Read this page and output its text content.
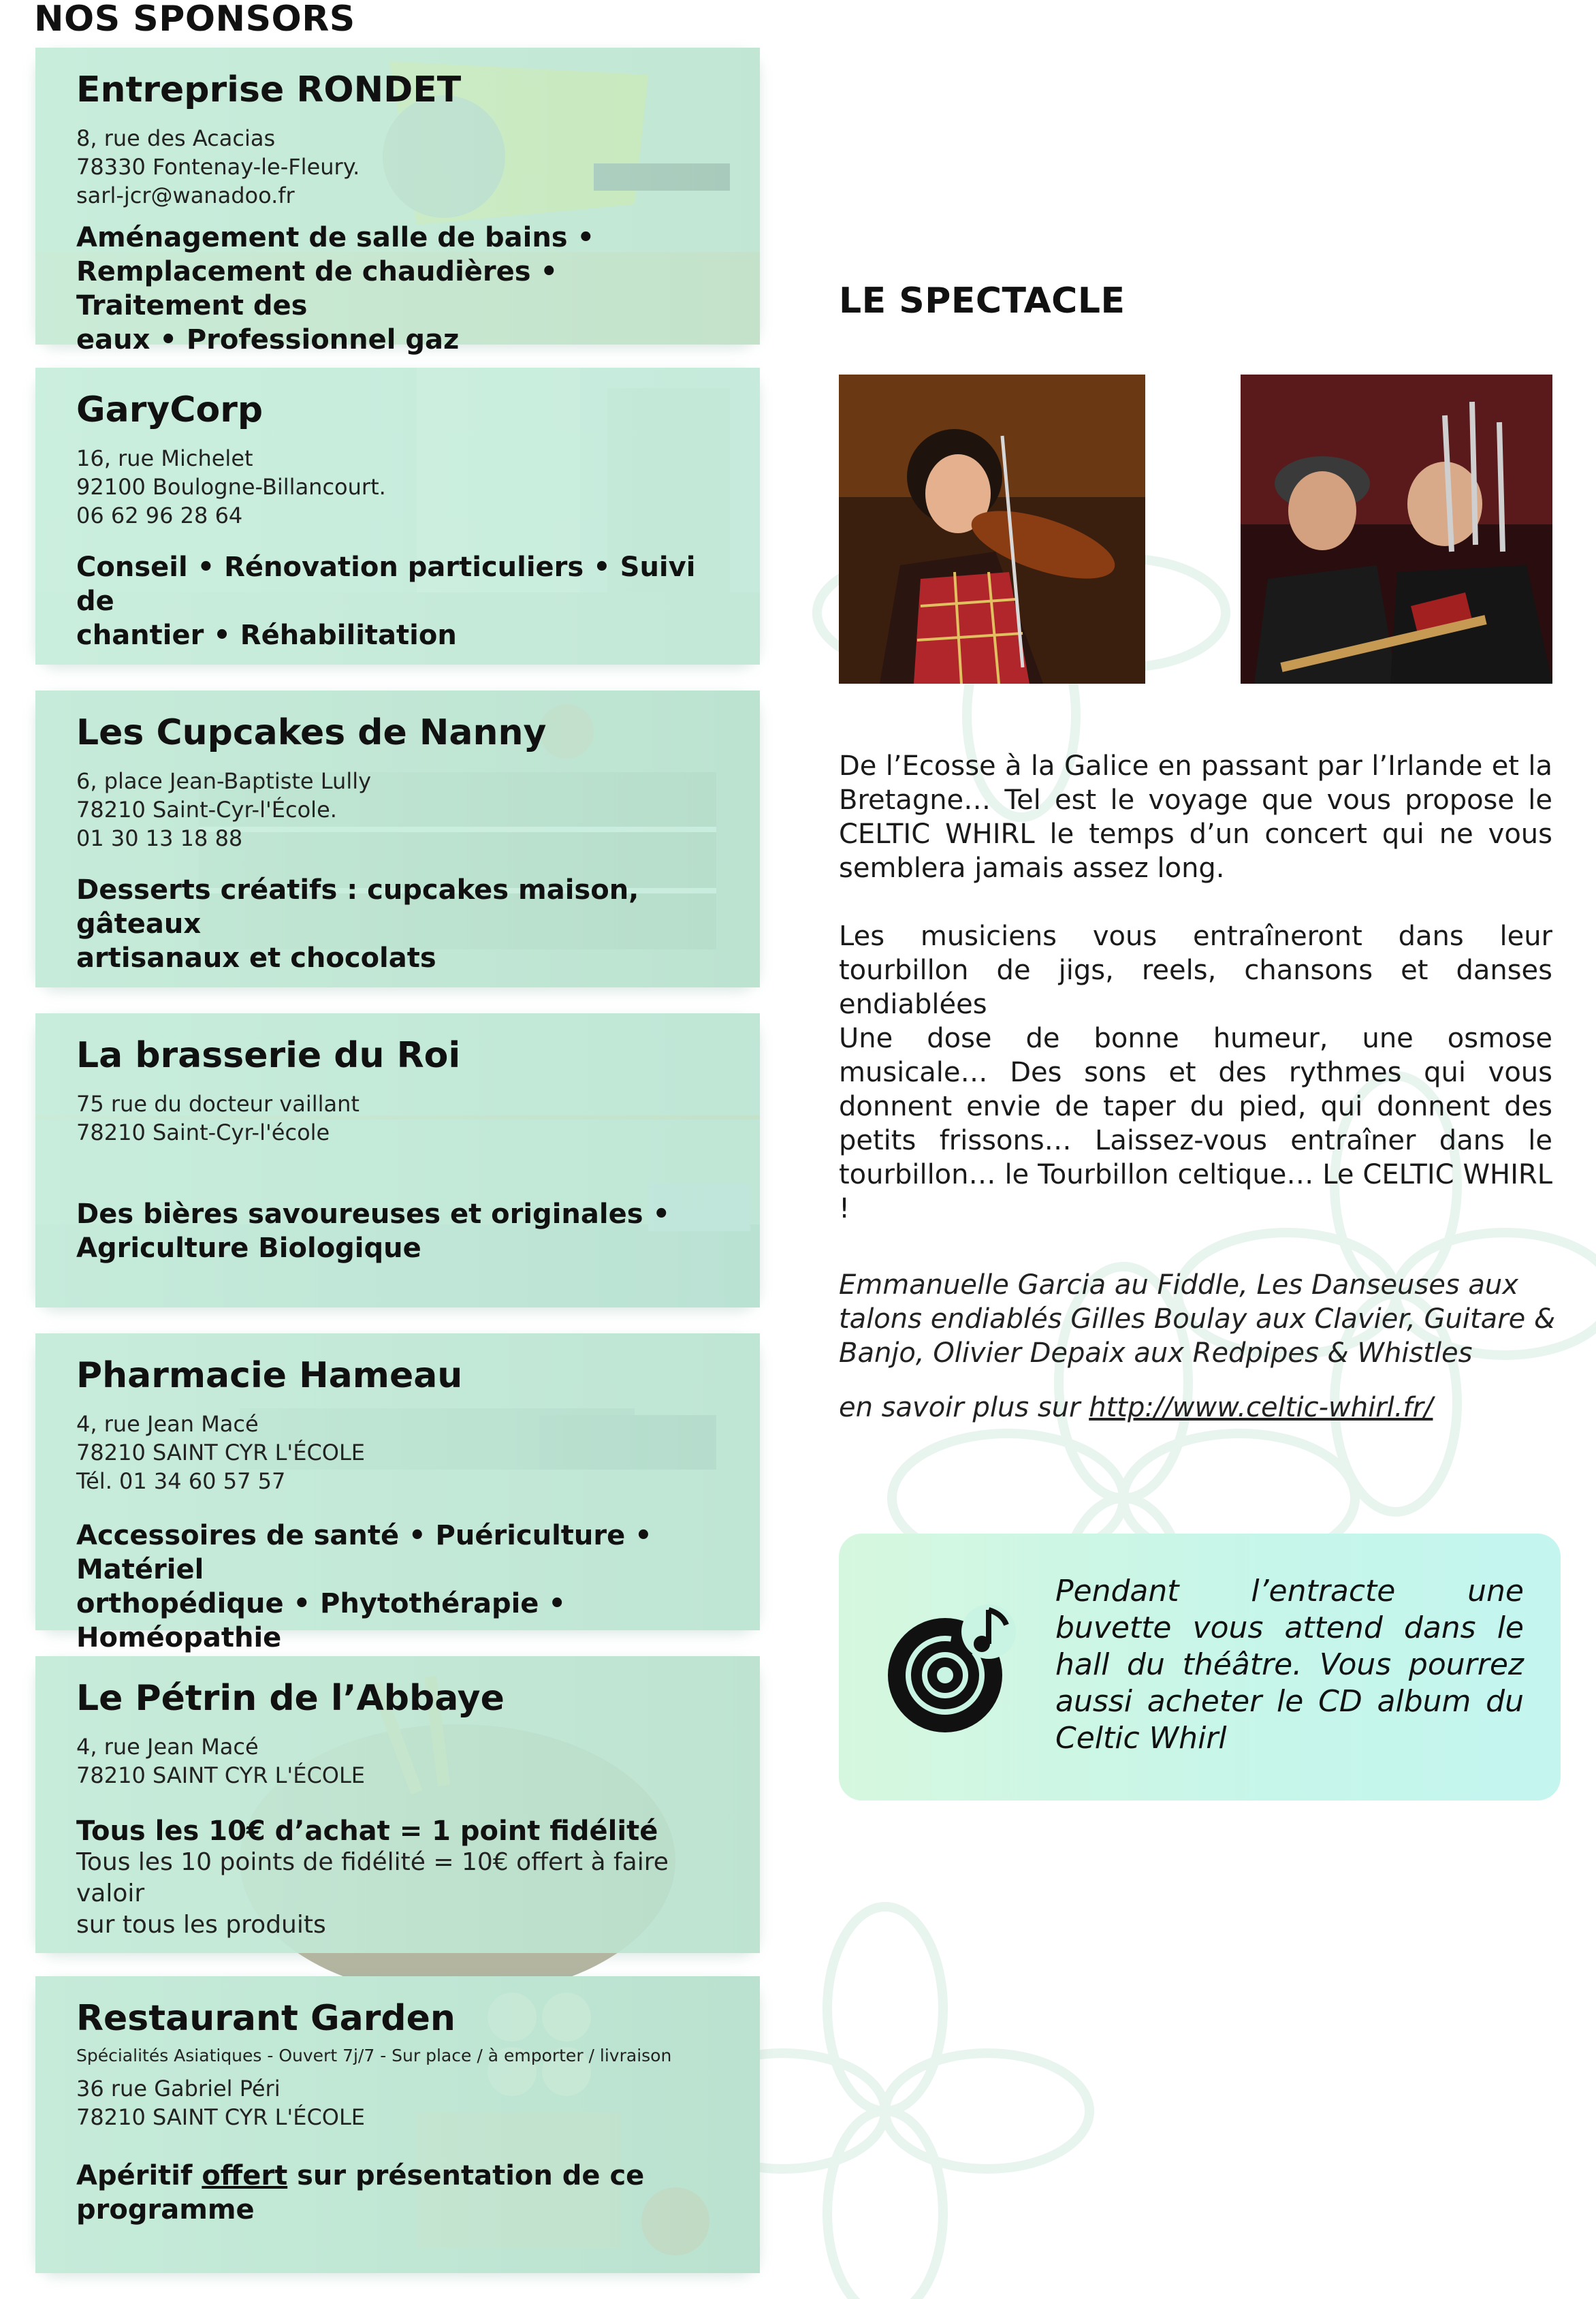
NOS SPONSORS
Entreprise RONDET
8, rue des Acacias
78330 Fontenay-le-Fleury.
sarl-jcr@wanadoo.fr
Aménagement de salle de bains •
Remplacement de chaudières • Traitement des
eaux • Professionnel gaz
GaryCorp
16, rue Michelet
92100 Boulogne-Billancourt.
06 62 96 28 64
Conseil • Rénovation particuliers • Suivi de
chantier • Réhabilitation
Les Cupcakes de Nanny
6, place Jean-Baptiste Lully
78210 Saint-Cyr-l'École.
01 30 13 18 88
Desserts créatifs : cupcakes maison, gâteaux
artisanaux et chocolats
La brasserie du Roi
75 rue du docteur vaillant
78210 Saint-Cyr-l'école
Des bières savoureuses et originales •
Agriculture Biologique
Pharmacie Hameau
4, rue Jean Macé
78210 SAINT CYR L'ÉCOLE
Tél. 01 34 60 57 57
Accessoires de santé • Puériculture • Matériel
orthopédique • Phytothérapie • Homéopathie
Le Pétrin de l’Abbaye
4, rue Jean Macé
78210 SAINT CYR L'ÉCOLE
Tous les 10€ d’achat = 1 point fidélité
Tous les 10 points de fidélité = 10€ offert à faire valoir
sur tous les produits
Restaurant Garden
Spécialités Asiatiques - Ouvert 7j/7 - Sur place / à emporter / livraison
36 rue Gabriel Péri
78210 SAINT CYR L'ÉCOLE
Apéritif offert sur présentation de ce
programme
LE SPECTACLE

De l’Ecosse à la Galice en passant par l’Irlande et la Bretagne… Tel est le voyage que vous propose le CELTIC WHIRL le temps d’un concert qui ne vous semblera jamais assez long.

Les musiciens vous entraîneront dans leur tourbillon de jigs, reels, chansons et danses endiablées

Une dose de bonne humeur, une osmose musicale… Des sons et des rythmes qui vous donnent envie de taper du pied, qui donnent des petits frissons… Laissez-vous entraîner dans le tourbillon… le Tourbillon celtique… Le CELTIC WHIRL !

Emmanuelle Garcia au Fiddle, Les Danseuses aux
talons endiablés Gilles Boulay aux Clavier, Guitare &
Banjo, Olivier Depaix aux Redpipes & Whistles

en savoir plus sur http://www.celtic-whirl.fr/

Pendant l’entracte une buvette vous attend dans le hall du théâtre. Vous pourrez aussi acheter le CD album du Celtic Whirl
